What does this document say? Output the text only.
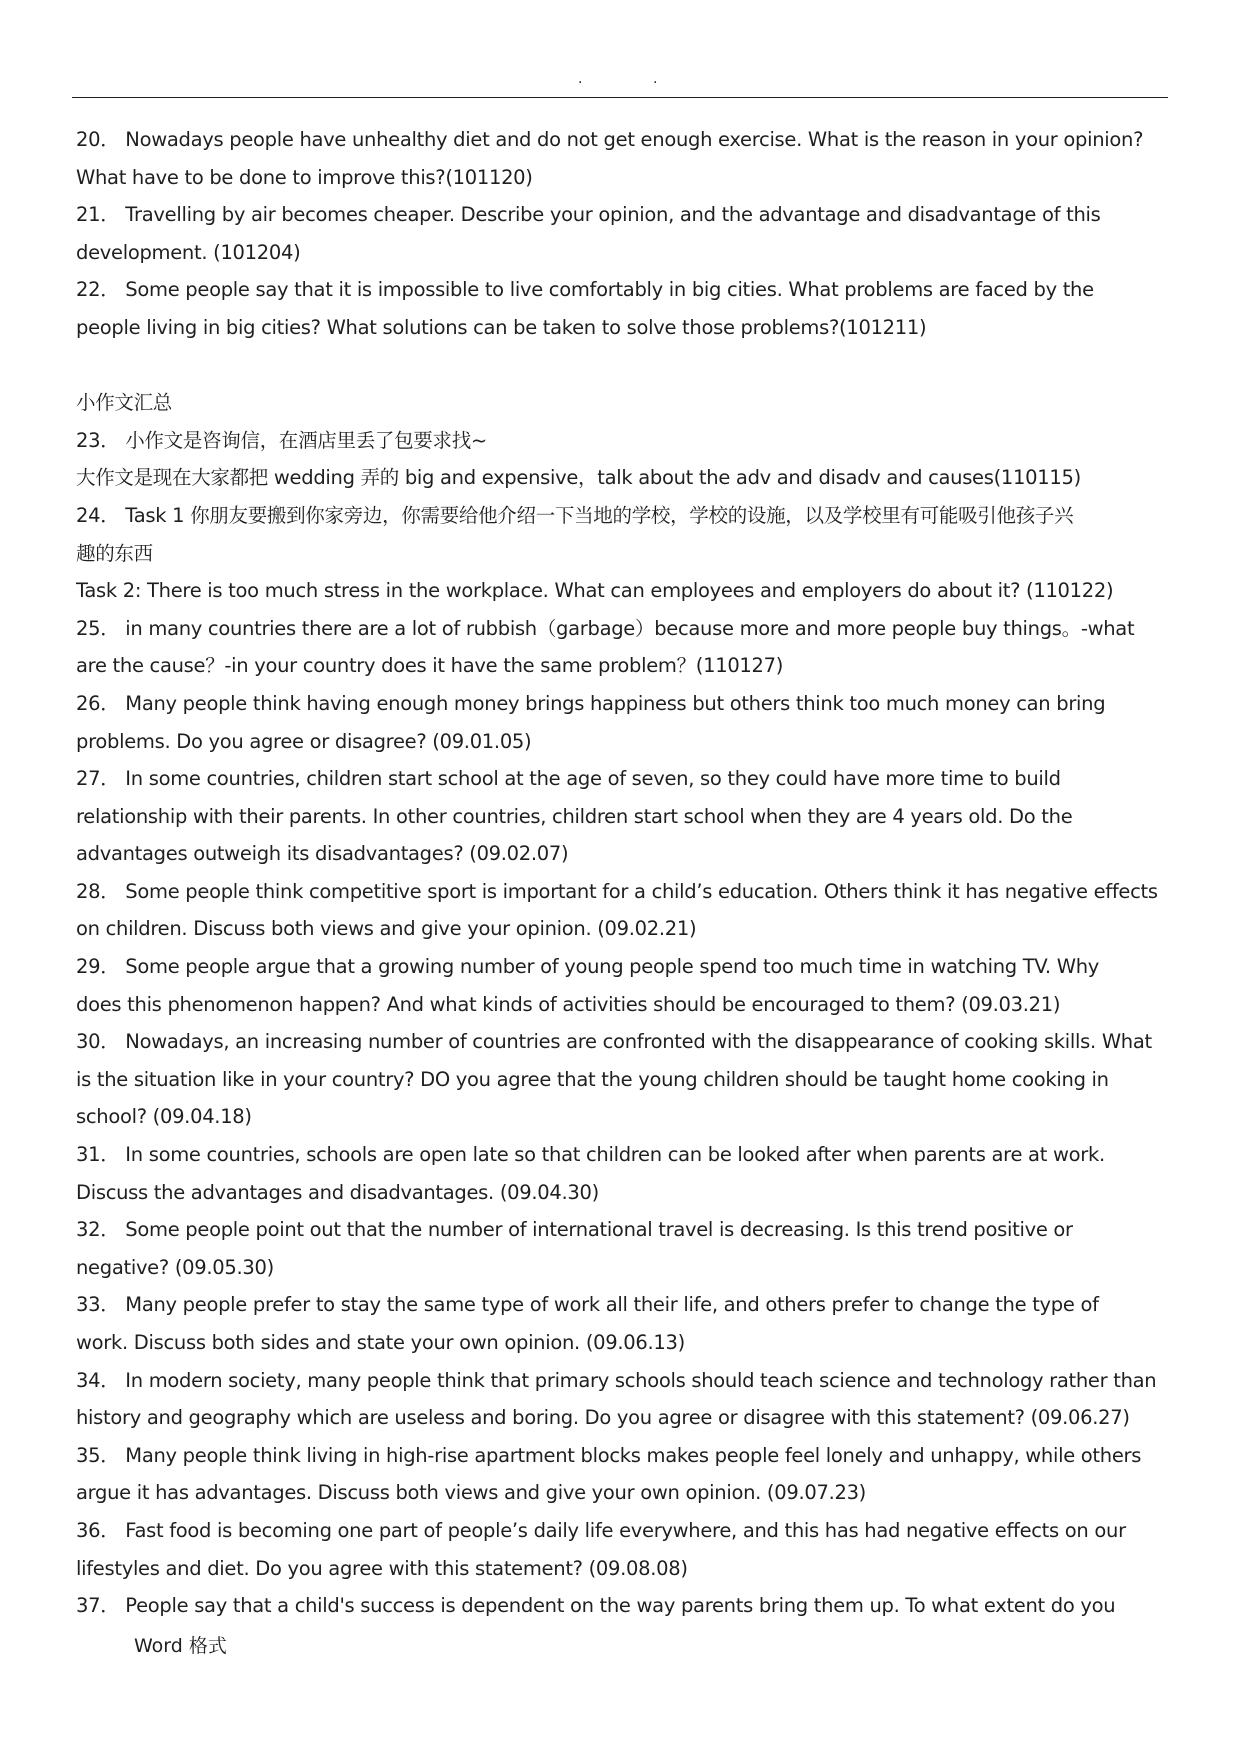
.	.
20． Nowadays people have unhealthy diet and do not get enough exercise. What is the reason in your opinion?
What have to be done to improve this?(101120)
21． Travelling by air becomes cheaper. Describe your opinion, and the advantage and disadvantage of this
development. (101204)
22． Some people say that it is impossible to live comfortably in big cities. What problems are faced by the
people living in big cities? What solutions can be taken to solve those problems?(101211)
小作文汇总
23． 小作文是咨询信，在酒店里丢了包要求找~
大作文是现在大家都把 wedding 弄的 big and expensive，talk about the adv and disadv and causes(110115)
24． Task 1 你朋友要搬到你家旁边，你需要给他介绍一下当地的学校，学校的设施，以及学校里有可能吸引他孩子兴
趣的东西
Task 2: There is too much stress in the workplace. What can employees and employers do about it? (110122)
25． in many countries there are a lot of rubbish（garbage）because more and more people buy things。-what
are the cause？-in your country does it have the same problem？(110127)
26． Many people think having enough money brings happiness but others think too much money can bring
problems. Do you agree or disagree? (09.01.05)
27． In some countries, children start school at the age of seven, so they could have more time to build
relationship with their parents. In other countries, children start school when they are 4 years old. Do the
advantages outweigh its disadvantages? (09.02.07)
28． Some people think competitive sport is important for a child’s education. Others think it has negative effects
on children. Discuss both views and give your opinion. (09.02.21)
29． Some people argue that a growing number of young people spend too much time in watching TV. Why
does this phenomenon happen? And what kinds of activities should be encouraged to them? (09.03.21)
30． Nowadays, an increasing number of countries are confronted with the disappearance of cooking skills. What
is the situation like in your country? DO you agree that the young children should be taught home cooking in
school? (09.04.18)
31． In some countries, schools are open late so that children can be looked after when parents are at work.
Discuss the advantages and disadvantages. (09.04.30)
32． Some people point out that the number of international travel is decreasing. Is this trend positive or
negative? (09.05.30)
33． Many people prefer to stay the same type of work all their life, and others prefer to change the type of
work. Discuss both sides and state your own opinion. (09.06.13)
34． In modern society, many people think that primary schools should teach science and technology rather than
history and geography which are useless and boring. Do you agree or disagree with this statement? (09.06.27)
35． Many people think living in high-rise apartment blocks makes people feel lonely and unhappy, while others
argue it has advantages. Discuss both views and give your own opinion. (09.07.23)
36． Fast food is becoming one part of people’s daily life everywhere, and this has had negative effects on our
lifestyles and diet. Do you agree with this statement? (09.08.08)
37． People say that a child's success is dependent on the way parents bring them up. To what extent do you
Word 格式
